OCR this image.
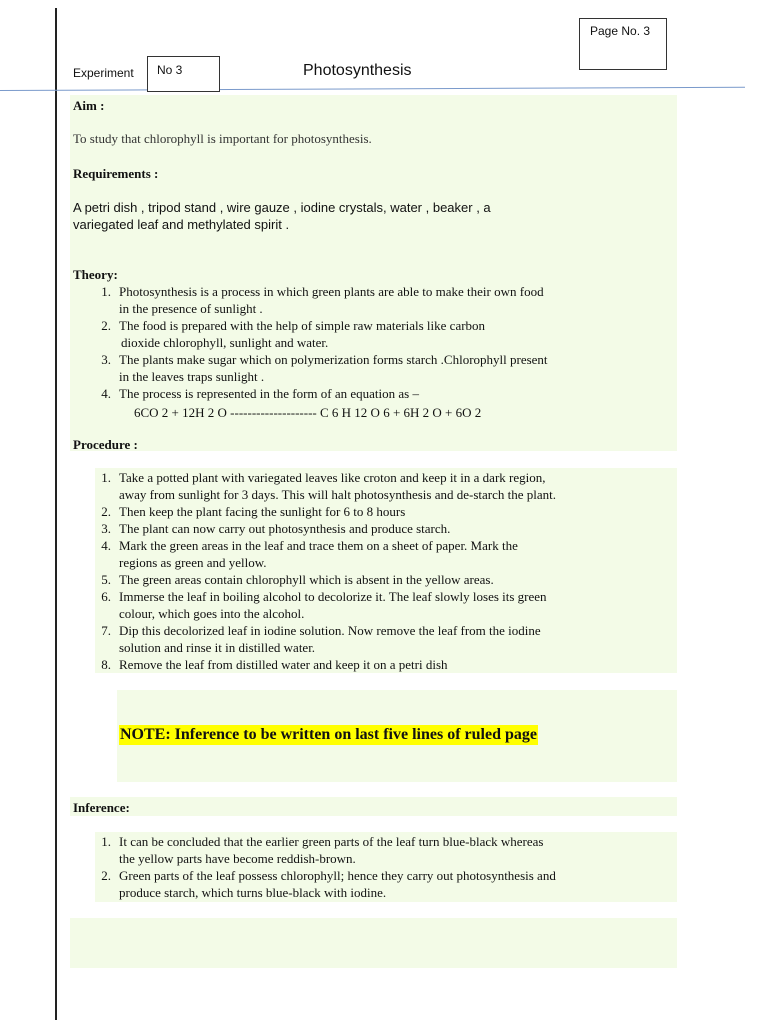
Page No. 3
Experiment No 3	Photosynthesis
Aim :
To study that chlorophyll is important for photosynthesis.
Requirements :
A petri dish , tripod stand , wire gauze , iodine crystals, water , beaker , a
variegated leaf and methylated spirit .
Theory:
1. Photosynthesis is a process in which green plants are able to make their own food
in the presence of sunlight .
2. The food is prepared with the help of simple raw materials like carbon
dioxide chlorophyll, sunlight and water.
3. The plants make sugar which on polymerization forms starch .Chlorophyll present
in the leaves traps sunlight .
4. The process is represented in the form of an equation as –
6CO 2 + 12H 2 O -------------------- C 6 H 12 O 6 + 6H 2 O + 6O 2
Procedure :
1. Take a potted plant with variegated leaves like croton and keep it in a dark region,
away from sunlight for 3 days. This will halt photosynthesis and de-starch the plant.
2. Then keep the plant facing the sunlight for 6 to 8 hours
3. The plant can now carry out photosynthesis and produce starch.
4. Mark the green areas in the leaf and trace them on a sheet of paper. Mark the
regions as green and yellow.
5. The green areas contain chlorophyll which is absent in the yellow areas.
6. Immerse the leaf in boiling alcohol to decolorize it. The leaf slowly loses its green
colour, which goes into the alcohol.
7. Dip this decolorized leaf in iodine solution. Now remove the leaf from the iodine
solution and rinse it in distilled water.
8. Remove the leaf from distilled water and keep it on a petri dish
NOTE: Inference to be written on last five lines of ruled page
Inference:
1. It can be concluded that the earlier green parts of the leaf turn blue-black whereas
the yellow parts have become reddish-brown.
2. Green parts of the leaf possess chlorophyll; hence they carry out photosynthesis and
produce starch, which turns blue-black with iodine.
